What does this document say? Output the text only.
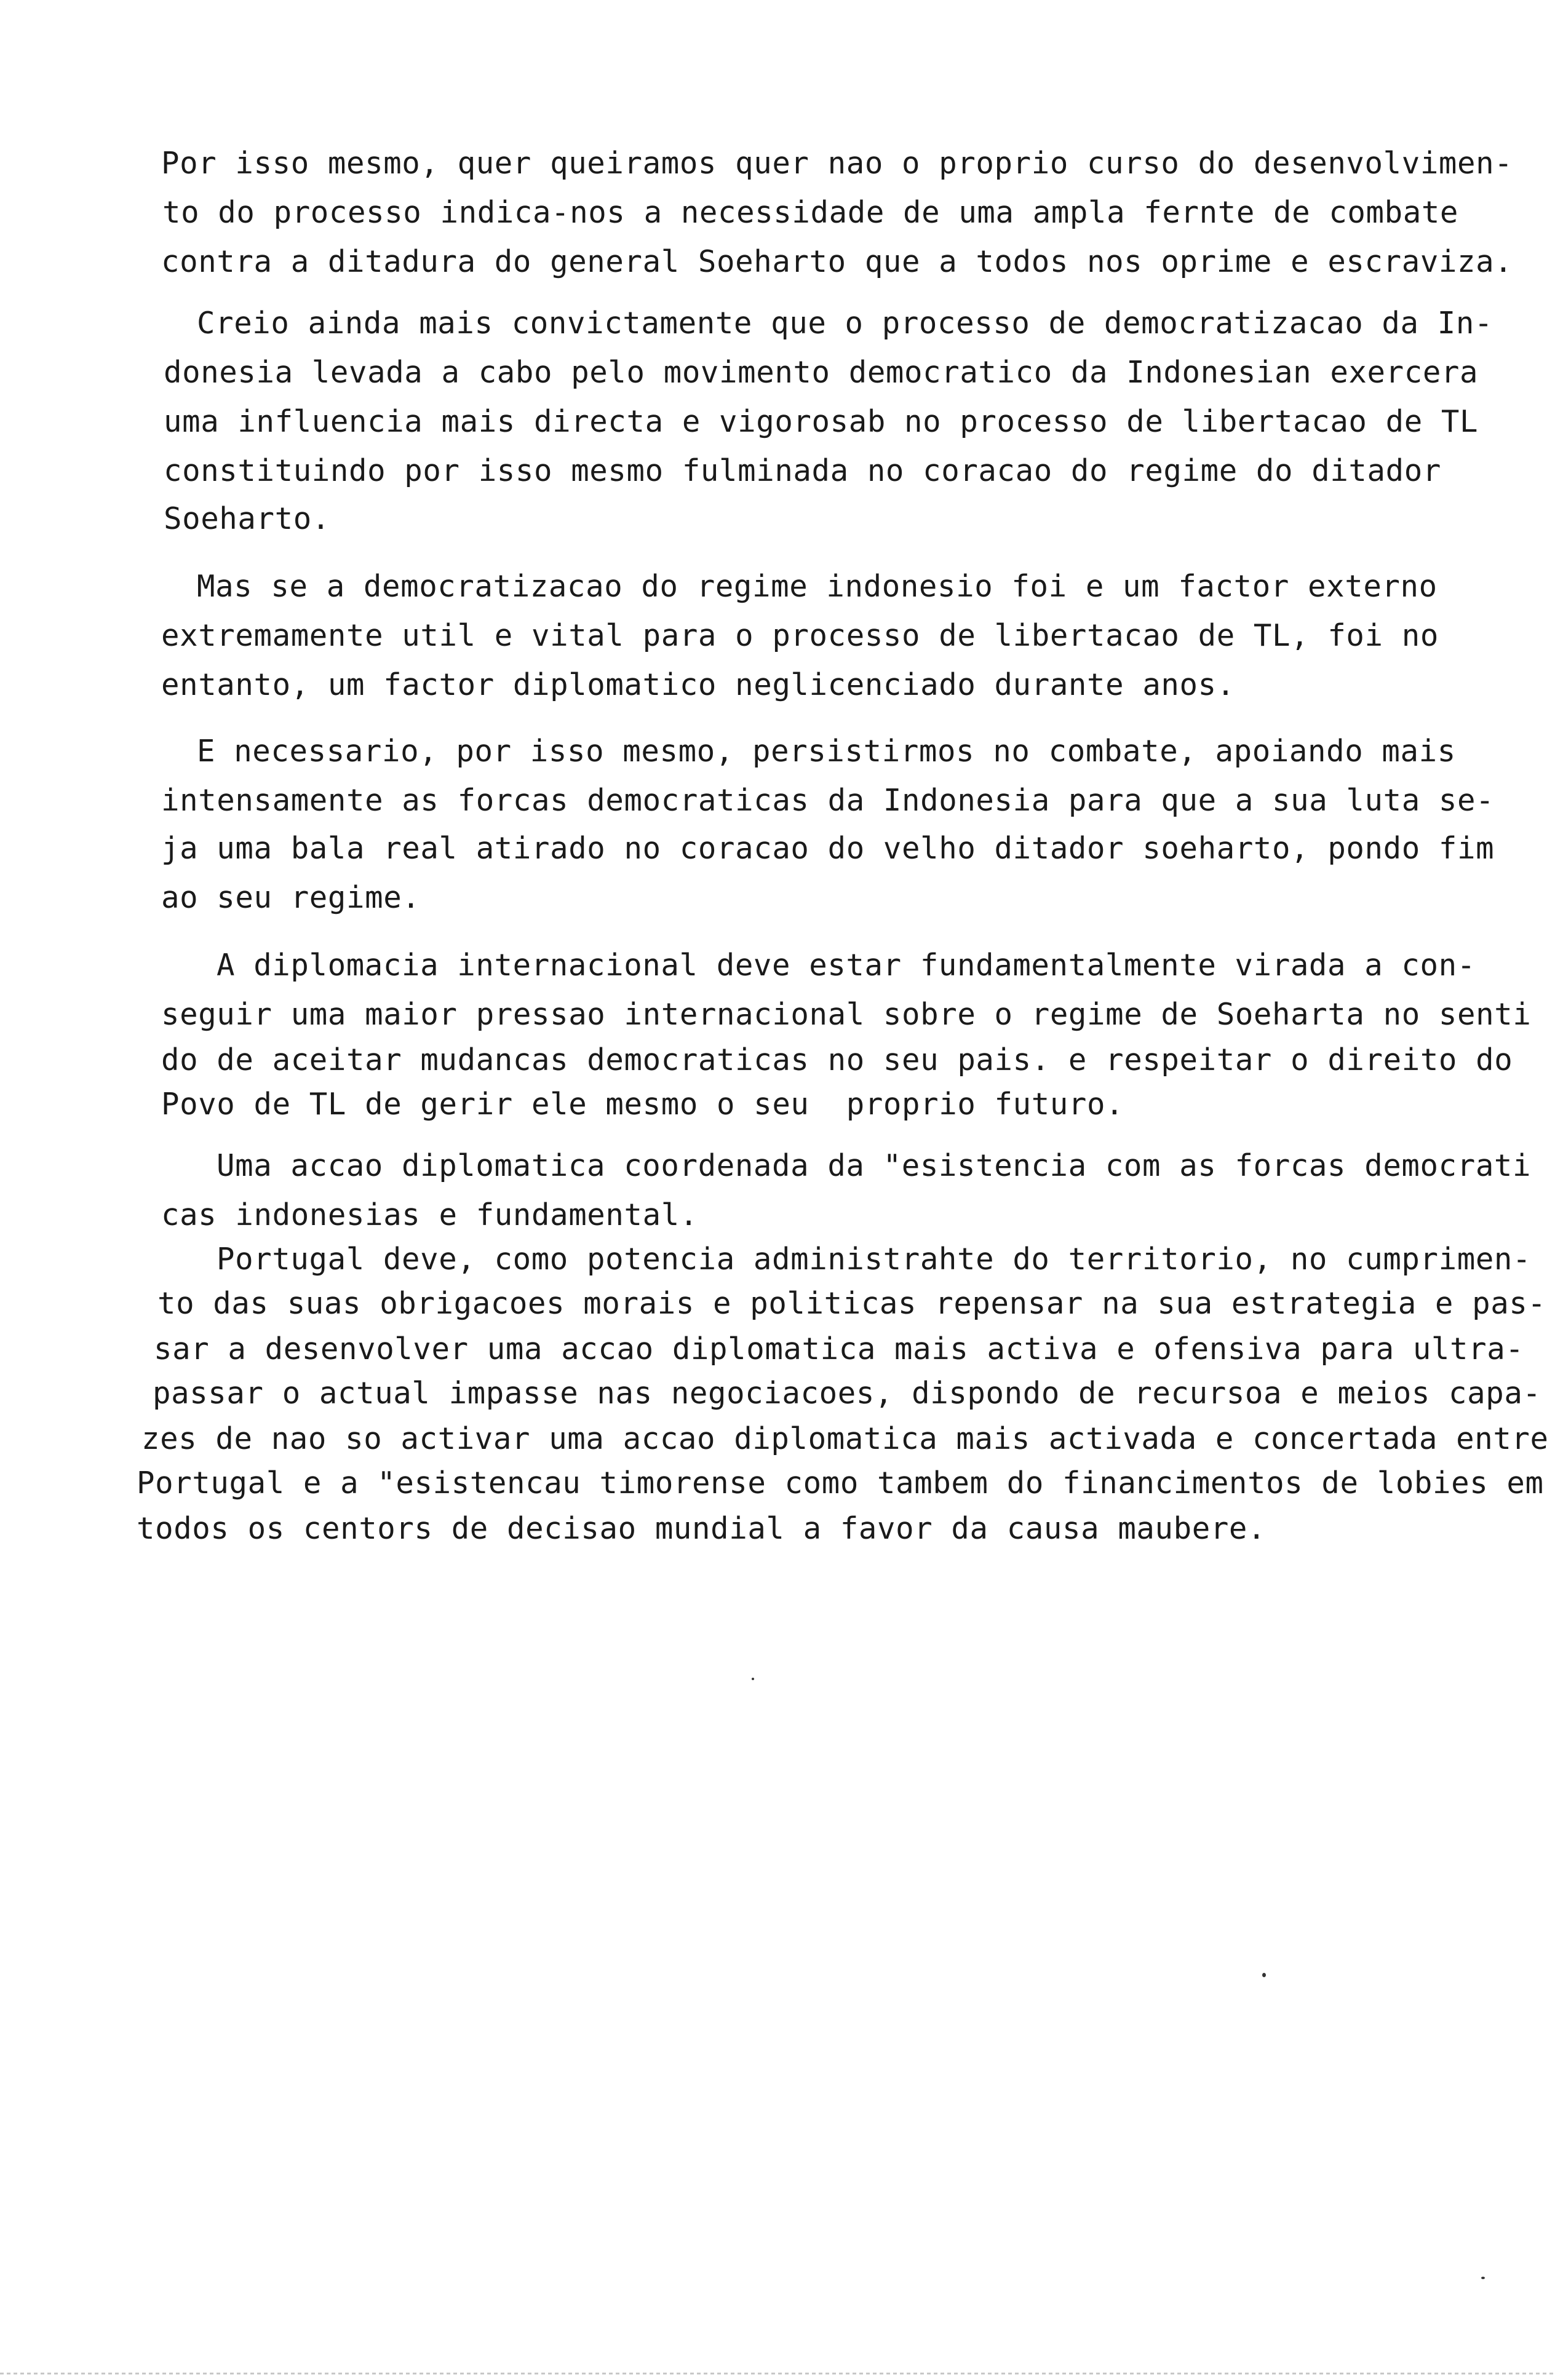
Por isso mesmo, quer queiramos quer nao o proprio curso do desenvolvimen-
to do processo indica-nos a necessidade de uma ampla fernte de combate
contra a ditadura do general Soeharto que a todos nos oprime e escraviza.
Creio ainda mais convictamente que o processo de democratizacao da In-
donesia levada a cabo pelo movimento democratico da Indonesian exercera
uma influencia mais directa e vigorosab no processo de libertacao de TL
constituindo por isso mesmo fulminada no coracao do regime do ditador
Soeharto.
Mas se a democratizacao do regime indonesio foi e um factor externo
extremamente util e vital para o processo de libertacao de TL, foi no
entanto, um factor diplomatico neglicenciado durante anos.
E necessario, por isso mesmo, persistirmos no combate, apoiando mais
intensamente as forcas democraticas da Indonesia para que a sua luta se-
ja uma bala real atirado no coracao do velho ditador soeharto, pondo fim
ao seu regime.
A diplomacia internacional deve estar fundamentalmente virada a con-
seguir uma maior pressao internacional sobre o regime de Soeharta no senti
do de aceitar mudancas democraticas no seu pais. e respeitar o direito do
Povo de TL de gerir ele mesmo o seu  proprio futuro.
Uma accao diplomatica coordenada da "esistencia com as forcas democrati
cas indonesias e fundamental.
Portugal deve, como potencia administrahte do territorio, no cumprimen-
to das suas obrigacoes morais e politicas repensar na sua estrategia e pas-
sar a desenvolver uma accao diplomatica mais activa e ofensiva para ultra-
passar o actual impasse nas negociacoes, dispondo de recursoa e meios capa-
zes de nao so activar uma accao diplomatica mais activada e concertada entre
Portugal e a "esistencau timorense como tambem do financimentos de lobies em
todos os centors de decisao mundial a favor da causa maubere.
